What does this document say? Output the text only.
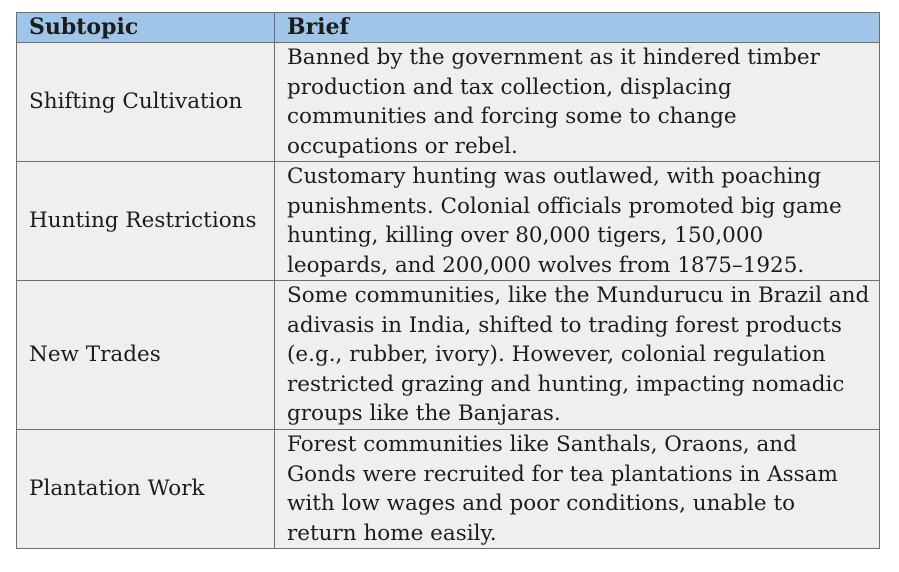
Subtopic	Brief
Shifting Cultivation	Banned by the government as it hindered timber production and tax collection, displacing communities and forcing some to change occupations or rebel.
Hunting Restrictions	Customary hunting was outlawed, with poaching punishments. Colonial officials promoted big game hunting, killing over 80,000 tigers, 150,000 leopards, and 200,000 wolves from 1875–1925.
New Trades	Some communities, like the Mundurucu in Brazil and adivasis in India, shifted to trading forest products (e.g., rubber, ivory). However, colonial regulation restricted grazing and hunting, impacting nomadic groups like the Banjaras.
Plantation Work	Forest communities like Santhals, Oraons, and Gonds were recruited for tea plantations in Assam with low wages and poor conditions, unable to return home easily.
